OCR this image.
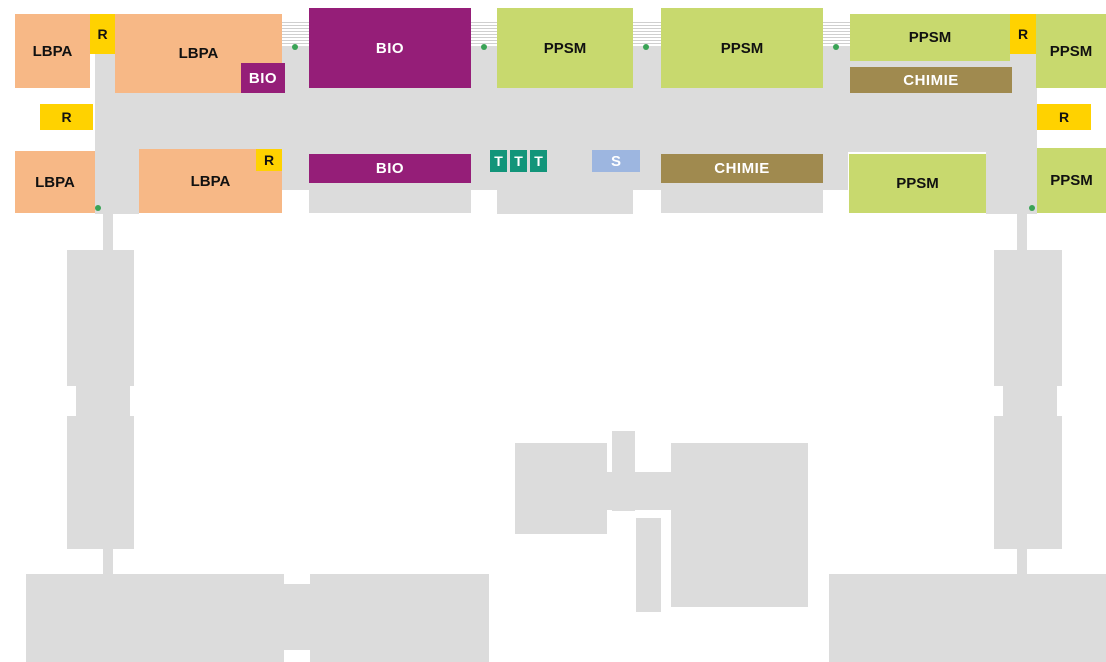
LBPA
R
LBPA
BIO
BIO	PPSM	PPSM
PPSM	R
PPSM
CHIMIE
R	R
LBPA	LBPA
R	BIO	T T T	S	CHIMIE
PPSM	PPSM
